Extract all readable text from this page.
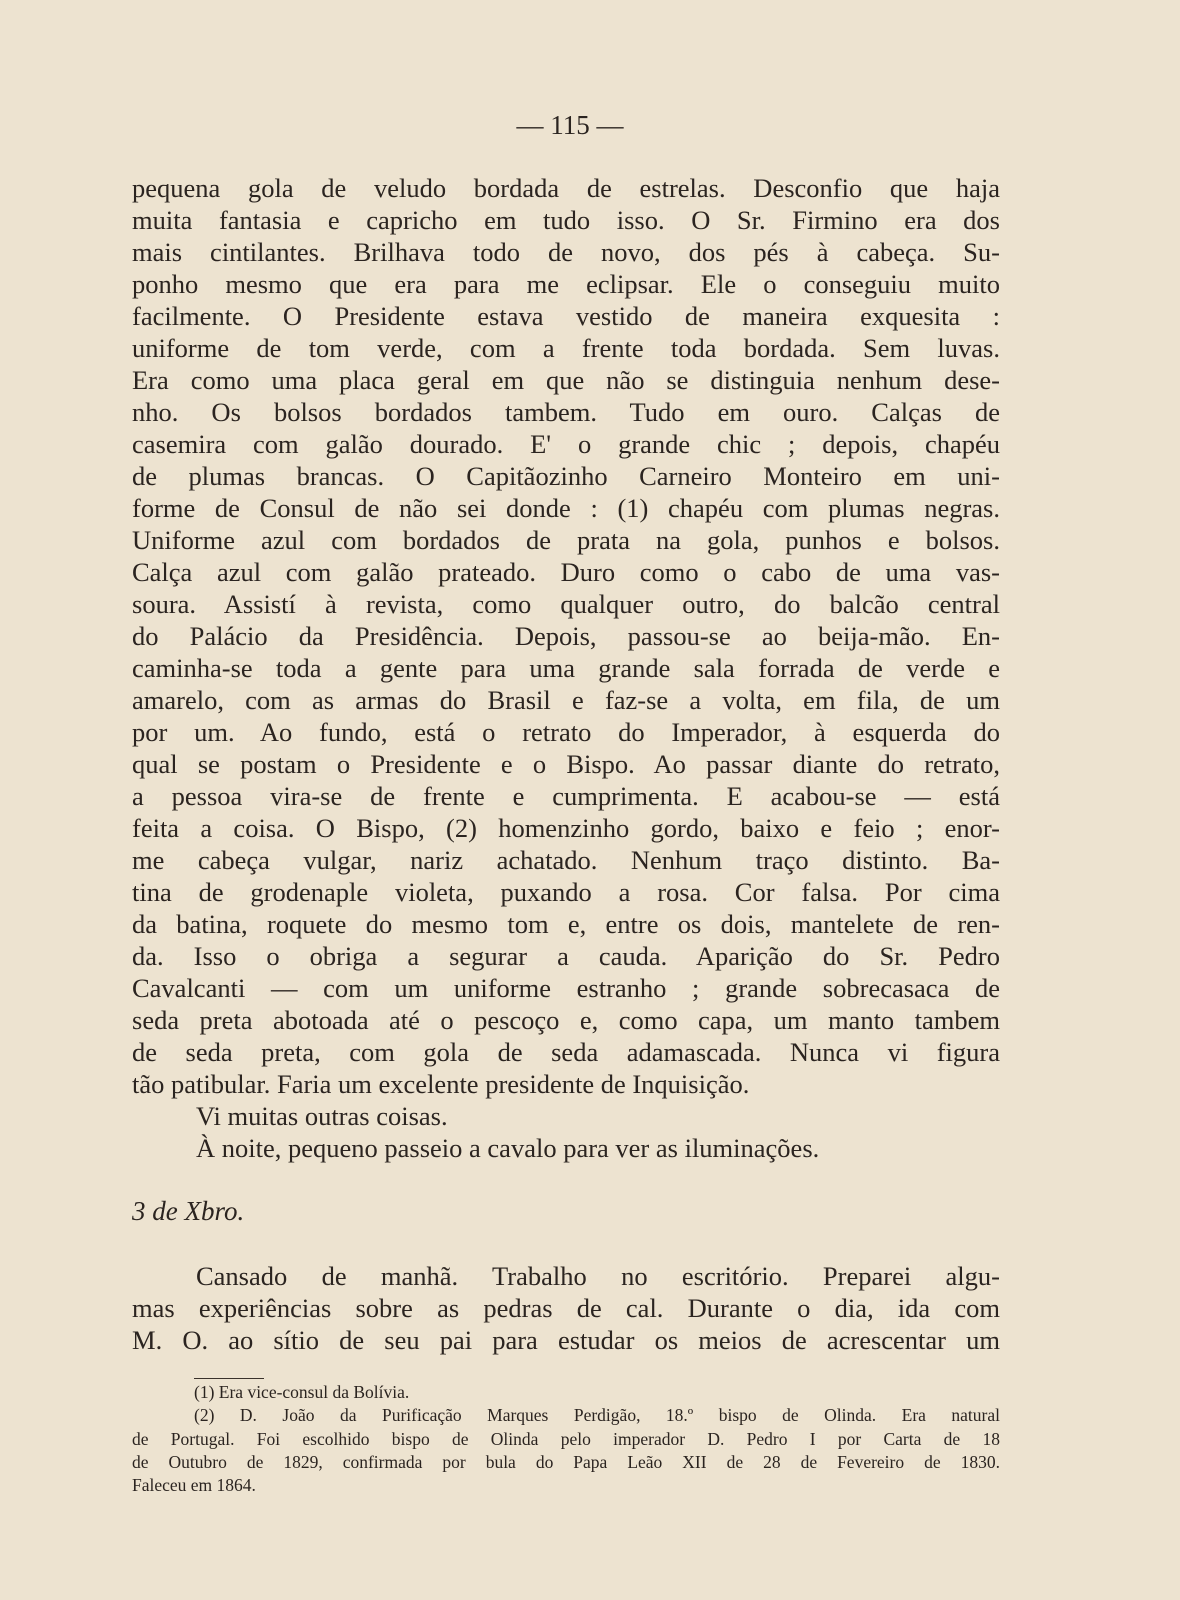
— 115 —
pequena gola de veludo bordada de estrelas. Desconfio que haja
muita fantasia e capricho em tudo isso. O Sr. Firmino era dos
mais cintilantes. Brilhava todo de novo, dos pés à cabeça. Su-
ponho mesmo que era para me eclipsar. Ele o conseguiu muito
facilmente. O Presidente estava vestido de maneira exquesita :
uniforme de tom verde, com a frente toda bordada. Sem luvas.
Era como uma placa geral em que não se distinguia nenhum dese-
nho. Os bolsos bordados tambem. Tudo em ouro. Calças de
casemira com galão dourado. E' o grande chic ; depois, chapéu
de plumas brancas. O Capitãozinho Carneiro Monteiro em uni-
forme de Consul de não sei donde : (1) chapéu com plumas negras.
Uniforme azul com bordados de prata na gola, punhos e bolsos.
Calça azul com galão prateado. Duro como o cabo de uma vas-
soura. Assistí à revista, como qualquer outro, do balcão central
do Palácio da Presidência. Depois, passou-se ao beija-mão. En-
caminha-se toda a gente para uma grande sala forrada de verde e
amarelo, com as armas do Brasil e faz-se a volta, em fila, de um
por um. Ao fundo, está o retrato do Imperador, à esquerda do
qual se postam o Presidente e o Bispo. Ao passar diante do retrato,
a pessoa vira-se de frente e cumprimenta. E acabou-se — está
feita a coisa. O Bispo, (2) homenzinho gordo, baixo e feio ; enor-
me cabeça vulgar, nariz achatado. Nenhum traço distinto. Ba-
tina de grodenaple violeta, puxando a rosa. Cor falsa. Por cima
da batina, roquete do mesmo tom e, entre os dois, mantelete de ren-
da. Isso o obriga a segurar a cauda. Aparição do Sr. Pedro
Cavalcanti — com um uniforme estranho ; grande sobrecasaca de
seda preta abotoada até o pescoço e, como capa, um manto tambem
de seda preta, com gola de seda adamascada. Nunca vi figura
tão patibular. Faria um excelente presidente de Inquisição.
Vi muitas outras coisas.
À noite, pequeno passeio a cavalo para ver as iluminações.
3 de Xbro.
Cansado de manhã. Trabalho no escritório. Preparei algu-
mas experiências sobre as pedras de cal. Durante o dia, ida com
M. O. ao sítio de seu pai para estudar os meios de acrescentar um
(1) Era vice-consul da Bolívia.
(2) D. João da Purificação Marques Perdigão, 18.º bispo de Olinda. Era natural
de Portugal. Foi escolhido bispo de Olinda pelo imperador D. Pedro I por Carta de 18
de Outubro de 1829, confirmada por bula do Papa Leão XII de 28 de Fevereiro de 1830.
Faleceu em 1864.
